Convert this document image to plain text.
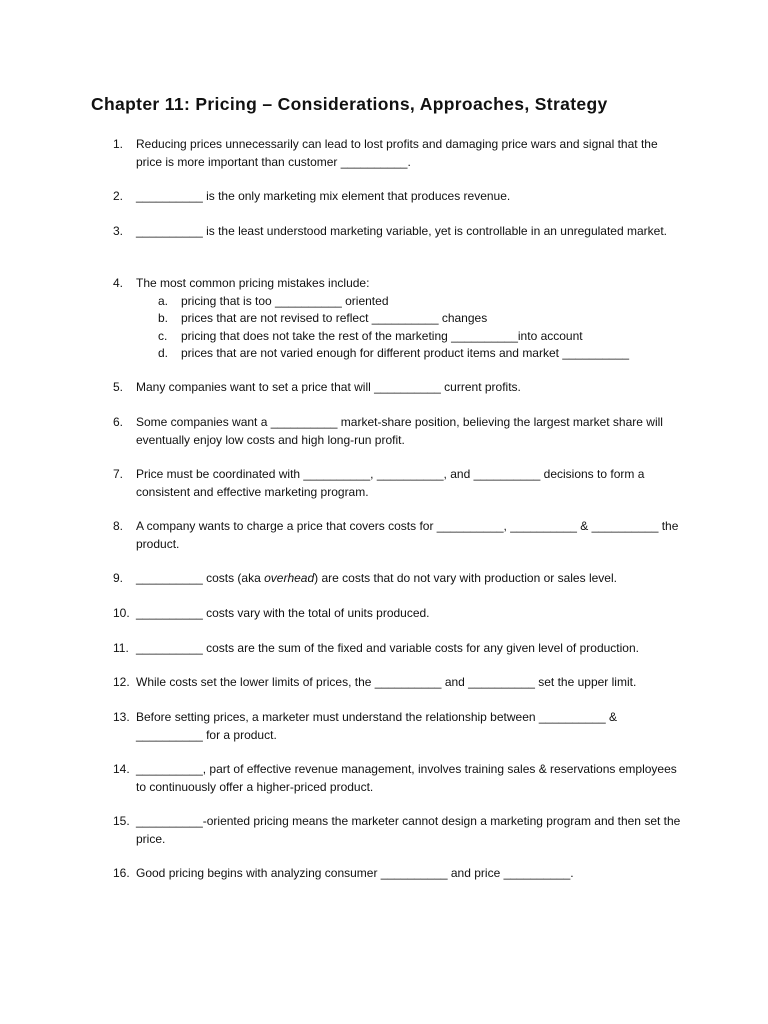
Chapter 11: Pricing – Considerations, Approaches, Strategy
1. Reducing prices unnecessarily can lead to lost profits and damaging price wars and signal that the price is more important than customer __________.
2. __________ is the only marketing mix element that produces revenue.
3. __________ is the least understood marketing variable, yet is controllable in an unregulated market.
4. The most common pricing mistakes include:
a. pricing that is too __________ oriented
b. prices that are not revised to reflect __________ changes
c. pricing that does not take the rest of the marketing __________into account
d. prices that are not varied enough for different product items and market __________
5. Many companies want to set a price that will __________ current profits.
6. Some companies want a __________ market-share position, believing the largest market share will eventually enjoy low costs and high long-run profit.
7. Price must be coordinated with __________, __________, and __________ decisions to form a consistent and effective marketing program.
8. A company wants to charge a price that covers costs for __________, __________ & __________ the product.
9. __________ costs (aka overhead) are costs that do not vary with production or sales level.
10. __________ costs vary with the total of units produced.
11. __________ costs are the sum of the fixed and variable costs for any given level of production.
12. While costs set the lower limits of prices, the __________ and __________ set the upper limit.
13. Before setting prices, a marketer must understand the relationship between __________ & __________ for a product.
14. __________, part of effective revenue management, involves training sales & reservations employees to continuously offer a higher-priced product.
15. __________-oriented pricing means the marketer cannot design a marketing program and then set the price.
16. Good pricing begins with analyzing consumer __________ and price __________.
